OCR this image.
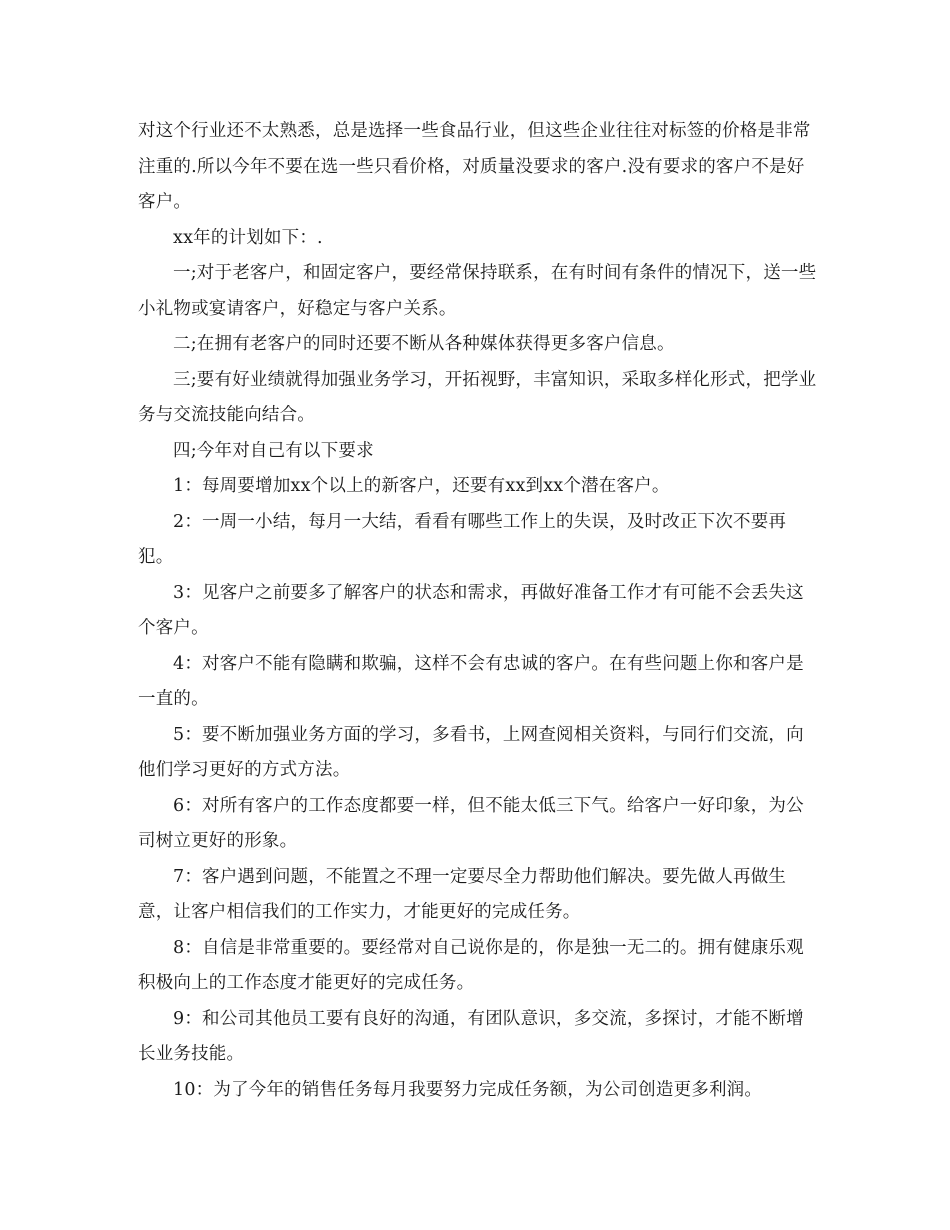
对这个行业还不太熟悉，总是选择一些食品行业，但这些企业往往对标签的价格是非常注重的.所以今年不要在选一些只看价格，对质量没要求的客户.没有要求的客户不是好客户。

xx年的计划如下：.

一;对于老客户，和固定客户，要经常保持联系，在有时间有条件的情况下，送一些小礼物或宴请客户，好稳定与客户关系。

二;在拥有老客户的同时还要不断从各种媒体获得更多客户信息。

三;要有好业绩就得加强业务学习，开拓视野，丰富知识，采取多样化形式，把学业务与交流技能向结合。

四;今年对自己有以下要求

1：每周要增加xx个以上的新客户，还要有xx到xx个潜在客户。

2：一周一小结，每月一大结，看看有哪些工作上的失误，及时改正下次不要再犯。

3：见客户之前要多了解客户的状态和需求，再做好准备工作才有可能不会丢失这个客户。

4：对客户不能有隐瞒和欺骗，这样不会有忠诚的客户。在有些问题上你和客户是一直的。

5：要不断加强业务方面的学习，多看书，上网查阅相关资料，与同行们交流，向他们学习更好的方式方法。

6：对所有客户的工作态度都要一样，但不能太低三下气。给客户一好印象，为公司树立更好的形象。

7：客户遇到问题，不能置之不理一定要尽全力帮助他们解决。要先做人再做生意，让客户相信我们的工作实力，才能更好的完成任务。

8：自信是非常重要的。要经常对自己说你是的，你是独一无二的。拥有健康乐观积极向上的工作态度才能更好的完成任务。

9：和公司其他员工要有良好的沟通，有团队意识，多交流，多探讨，才能不断增长业务技能。

10：为了今年的销售任务每月我要努力完成任务额，为公司创造更多利润。
